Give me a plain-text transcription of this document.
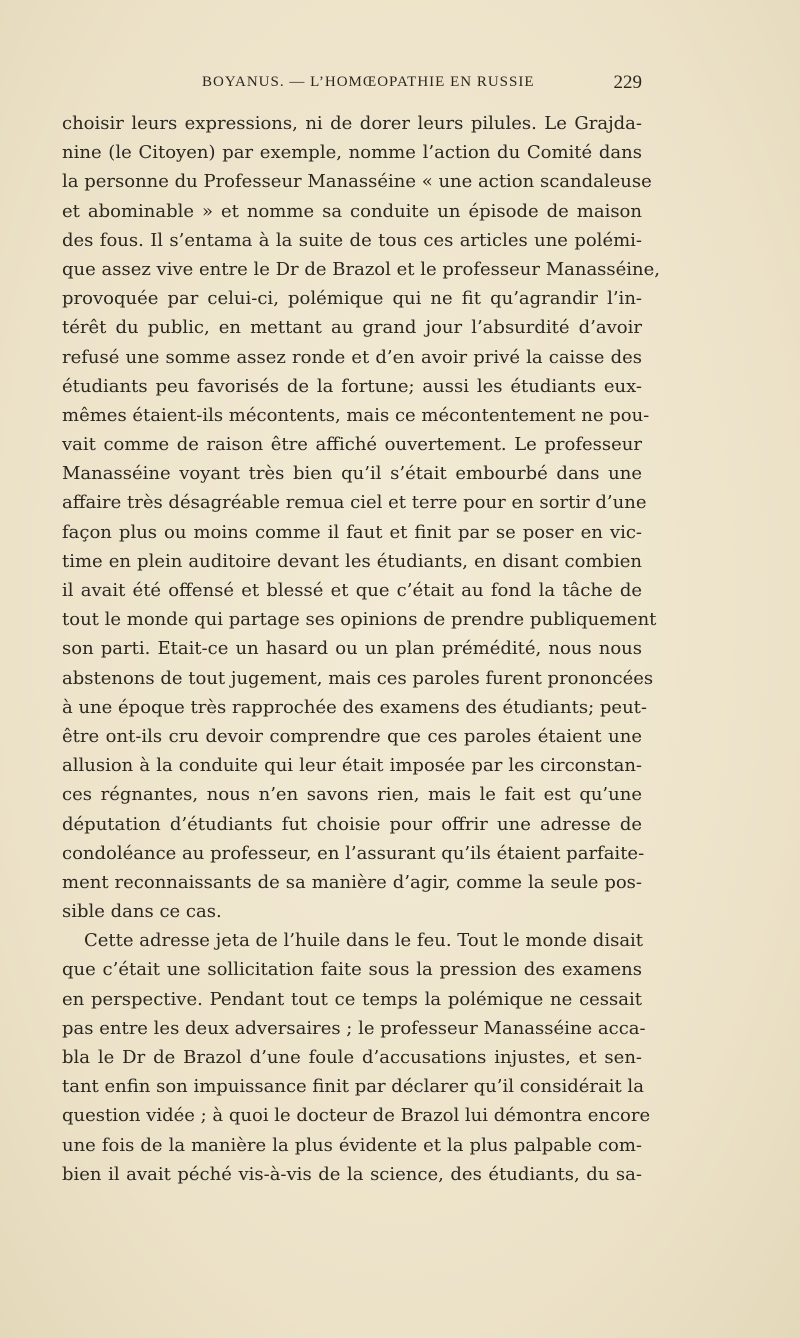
BOYANUS. — L’HOMŒOPATHIE EN RUSSIE	229
choisir leurs expressions, ni de dorer leurs pilules. Le Grajda-
nine (le Citoyen) par exemple, nomme l’action du Comité dans
la personne du Professeur Manasséine « une action scandaleuse
et abominable » et nomme sa conduite un épisode de maison
des fous. Il s’entama à la suite de tous ces articles une polémi-
que assez vive entre le Dr de Brazol et le professeur Manasséine,
provoquée par celui-ci, polémique qui ne fit qu’agrandir l’in-
térêt du public, en mettant au grand jour l’absurdité d’avoir
refusé une somme assez ronde et d’en avoir privé la caisse des
étudiants peu favorisés de la fortune; aussi les étudiants eux-
mêmes étaient-ils mécontents, mais ce mécontentement ne pou-
vait comme de raison être affiché ouvertement. Le professeur
Manasséine voyant très bien qu’il s’était embourbé dans une
affaire très désagréable remua ciel et terre pour en sortir d’une
façon plus ou moins comme il faut et finit par se poser en vic-
time en plein auditoire devant les étudiants, en disant combien
il avait été offensé et blessé et que c’était au fond la tâche de
tout le monde qui partage ses opinions de prendre publiquement
son parti. Etait-ce un hasard ou un plan prémédité, nous nous
abstenons de tout jugement, mais ces paroles furent prononcées
à une époque très rapprochée des examens des étudiants; peut-
être ont-ils cru devoir comprendre que ces paroles étaient une
allusion à la conduite qui leur était imposée par les circonstan-
ces régnantes, nous n’en savons rien, mais le fait est qu’une
députation d’étudiants fut choisie pour offrir une adresse de
condoléance au professeur, en l’assurant qu’ils étaient parfaite-
ment reconnaissants de sa manière d’agir, comme la seule pos-
sible dans ce cas.
Cette adresse jeta de l’huile dans le feu. Tout le monde disait
que c’était une sollicitation faite sous la pression des examens
en perspective. Pendant tout ce temps la polémique ne cessait
pas entre les deux adversaires ; le professeur Manasséine acca-
bla le Dr de Brazol d’une foule d’accusations injustes, et sen-
tant enfin son impuissance finit par déclarer qu’il considérait la
question vidée ; à quoi le docteur de Brazol lui démontra encore
une fois de la manière la plus évidente et la plus palpable com-
bien il avait péché vis-à-vis de la science, des étudiants, du sa-
